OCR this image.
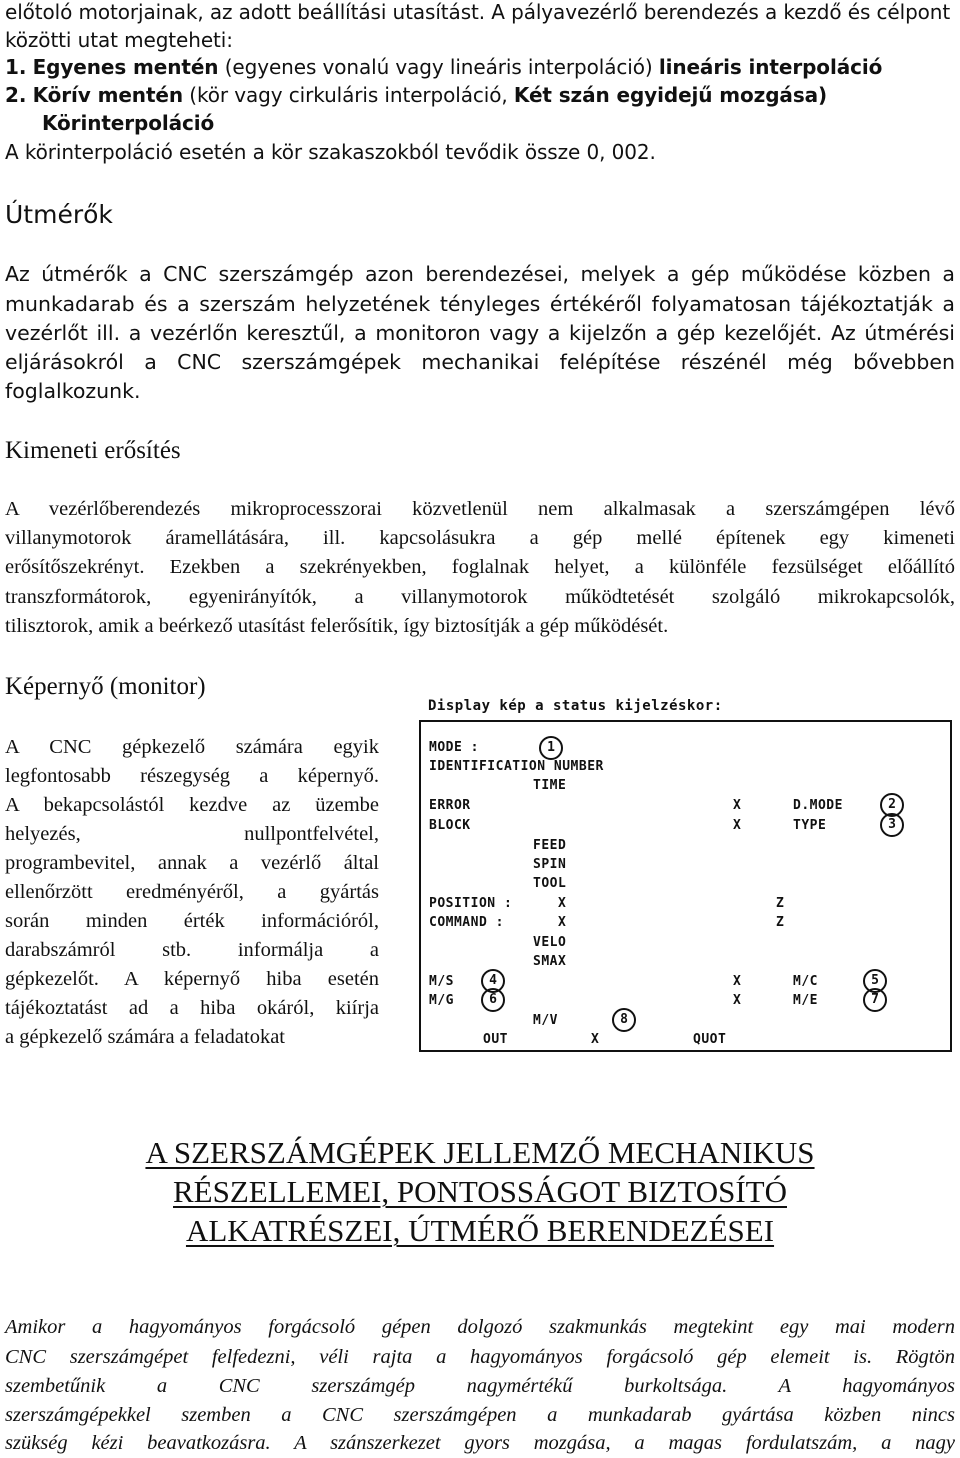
előtoló motorjainak, az adott beállítási utasítást. A pályavezérlő berendezés a kezdő és célpont
közötti utat megteheti:
1. Egyenes mentén (egyenes vonalú vagy lineáris interpoláció) lineáris interpoláció
2. Körív mentén (kör vagy cirkuláris interpoláció, Két szán egyidejű mozgása)
Körinterpoláció
A körinterpoláció esetén a kör szakaszokból tevődik össze 0, 002.
Útmérők
Az útmérők a CNC szerszámgép azon berendezései, melyek a gép működése közben a
munkadarab és a szerszám helyzetének tényleges értékéről folyamatosan tájékoztatják a
vezérlőt ill. a vezérlőn keresztűl, a monitoron vagy a kijelzőn a gép kezelőjét. Az útmérési
eljárásokról a CNC szerszámgépek mechanikai felépítése részénél még bővebben
foglalkozunk.
Kimeneti erősítés
A vezérlőberendezés mikroprocesszorai közvetlenül nem alkalmasak a szerszámgépen lévő
villanymotorok áramellátására, ill. kapcsolásukra a gép mellé építenek egy kimeneti
erősítőszekrényt. Ezekben a szekrényekben, foglalnak helyet, a különféle fezsülséget előállító
transzformátorok, egyenirányítók, a villanymotorok működtetését szolgáló mikrokapcsolók,
tilisztorok, amik a beérkező utasítást felerősítik, így biztosítják a gép működését.
Képernyő (monitor)
A CNC gépkezelő számára egyik
legfontosabb részegység a képernyő.
A bekapcsolástól kezdve az üzembe
helyezés, nullpontfelvétel,
programbevitel, annak a vezérlő által
ellenőrzött eredményéről, a gyártás
során minden érték információról,
darabszámról stb. informálja a
gépkezelőt. A képernyő hiba esetén
tájékoztatást ad a hiba okáról, kiírja
a gépkezelő számára a feladatokat
Display kép a status kijelzéskor:
MODE :	1
IDENTIFICATION NUMBER
TIME
ERROR	X	D.MODE	2
BLOCK	X	TYPE	3
FEED
SPIN
TOOL
POSITION :	X	Z
COMMAND :	X	Z
VELO
SMAX
M/S	4	X	M/C	5
M/G	6	X	M/E	7
M/V	8
OUT	X	QUOT
A SZERSZÁMGÉPEK JELLEMZŐ MECHANIKUS
RÉSZELLEMEI, PONTOSSÁGOT BIZTOSÍTÓ
ALKATRÉSZEI, ÚTMÉRŐ BERENDEZÉSEI
Amikor a hagyományos forgácsoló gépen dolgozó szakmunkás megtekint egy mai modern
CNC szerszámgépet felfedezni, véli rajta a hagyományos forgácsoló gép elemeit is. Rögtön
szembetűnik a CNC szerszámgép nagymértékű burkoltsága. A hagyományos
szerszámgépekkel szemben a CNC szerszámgépen a munkadarab gyártása közben nincs
szükség kézi beavatkozásra. A szánszerkezet gyors mozgása, a magas fordulatszám, a nagy
